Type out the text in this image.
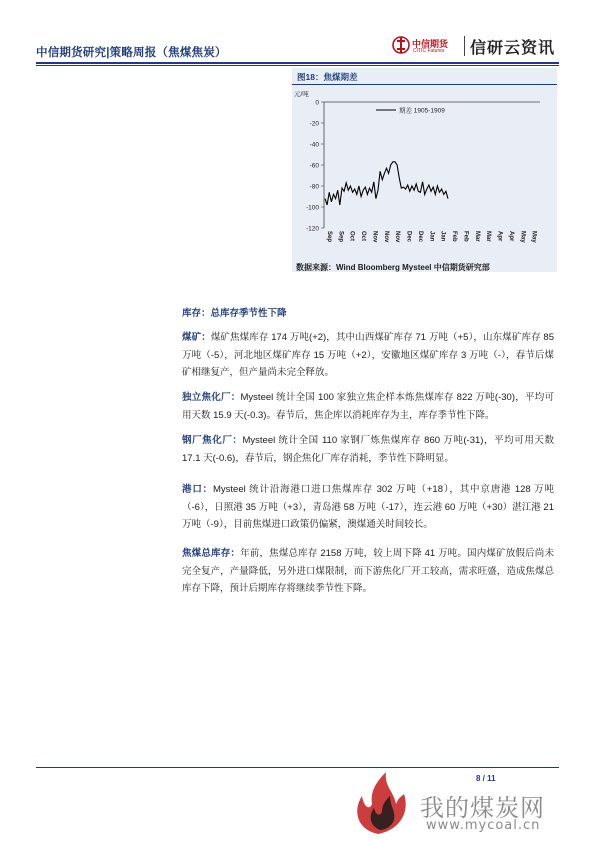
中信期货研究|策略周报（焦煤焦炭）
中信期货
CITIC Futures 信研云资讯
图18：焦煤期差
元/吨
0
-20
-40
-60
-80
-100
-120
Sep Sep Oct Oct Nov Nov Nov Dec Dec Jan Jan Feb Feb Mar Mar Apr Apr May May
期差 1905-1909
数据来源：Wind Bloomberg Mysteel 中信期货研究部
库存：总库存季节性下降
煤矿：煤矿焦煤库存 174 万吨(+2)，其中山西煤矿库存 71 万吨（+5），山东煤矿库存 85 万吨（-5），河北地区煤矿库存 15 万吨（+2），安徽地区煤矿库存 3 万吨（-），春节后煤矿相继复产，但产量尚未完全释放。
独立焦化厂：Mysteel 统计全国 100 家独立焦企样本炼焦煤库存 822 万吨(-30)，平均可用天数 15.9 天(-0.3)。春节后，焦企库以消耗库存为主，库存季节性下降。
钢厂焦化厂：Mysteel 统计全国 110 家钢厂炼焦煤库存 860 万吨(-31)，平均可用天数 17.1 天(-0.6)，春节后，钢企焦化厂库存消耗，季节性下降明显。
港口：Mysteel 统计沿海港口进口焦煤库存 302 万吨（+18），其中京唐港 128 万吨（-6），日照港 35 万吨（+3），青岛港 58 万吨（-17），连云港 60 万吨（+30）湛江港 21 万吨（-9），目前焦煤进口政策仍偏紧，澳煤通关时间较长。
焦煤总库存：年前，焦煤总库存 2158 万吨，较上周下降 41 万吨。国内煤矿放假后尚未完全复产，产量降低，另外进口煤限制，而下游焦化厂开工较高，需求旺盛，造成焦煤总库存下降，预计后期库存将继续季节性下降。
8 / 11
我的煤炭网
www.mycoal.cn
